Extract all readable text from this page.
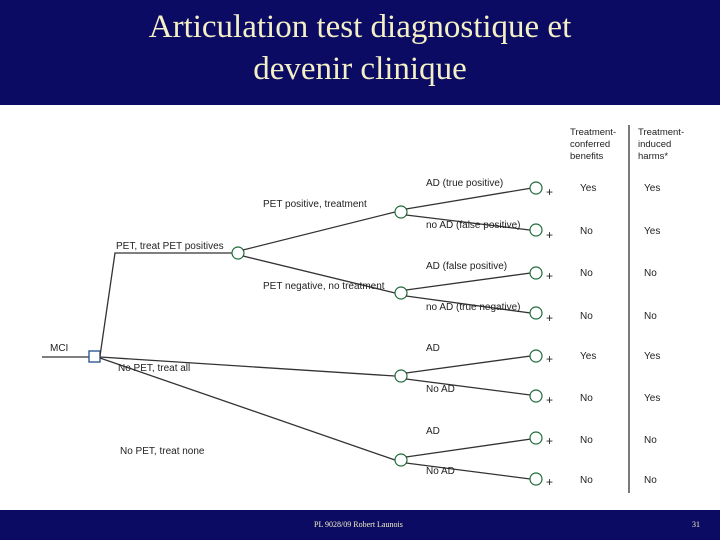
Articulation test diagnostique et
devenir clinique
Treatment-
conferred
benefits
Treatment-
induced
harms*
MCI
PET, treat PET positives
No PET, treat all
No PET, treat none
PET positive, treatment
PET negative, no treatment
AD (true positive)
+	Yes	Yes
no AD (false positive)
+	No	Yes
AD (false positive)
+	No	No
no AD (true negative)
+	No	No
AD
+	Yes	Yes
No AD
+	No	Yes
AD
+	No	No
No AD
+	No	No
PL 9028/09 Robert Launois	31
